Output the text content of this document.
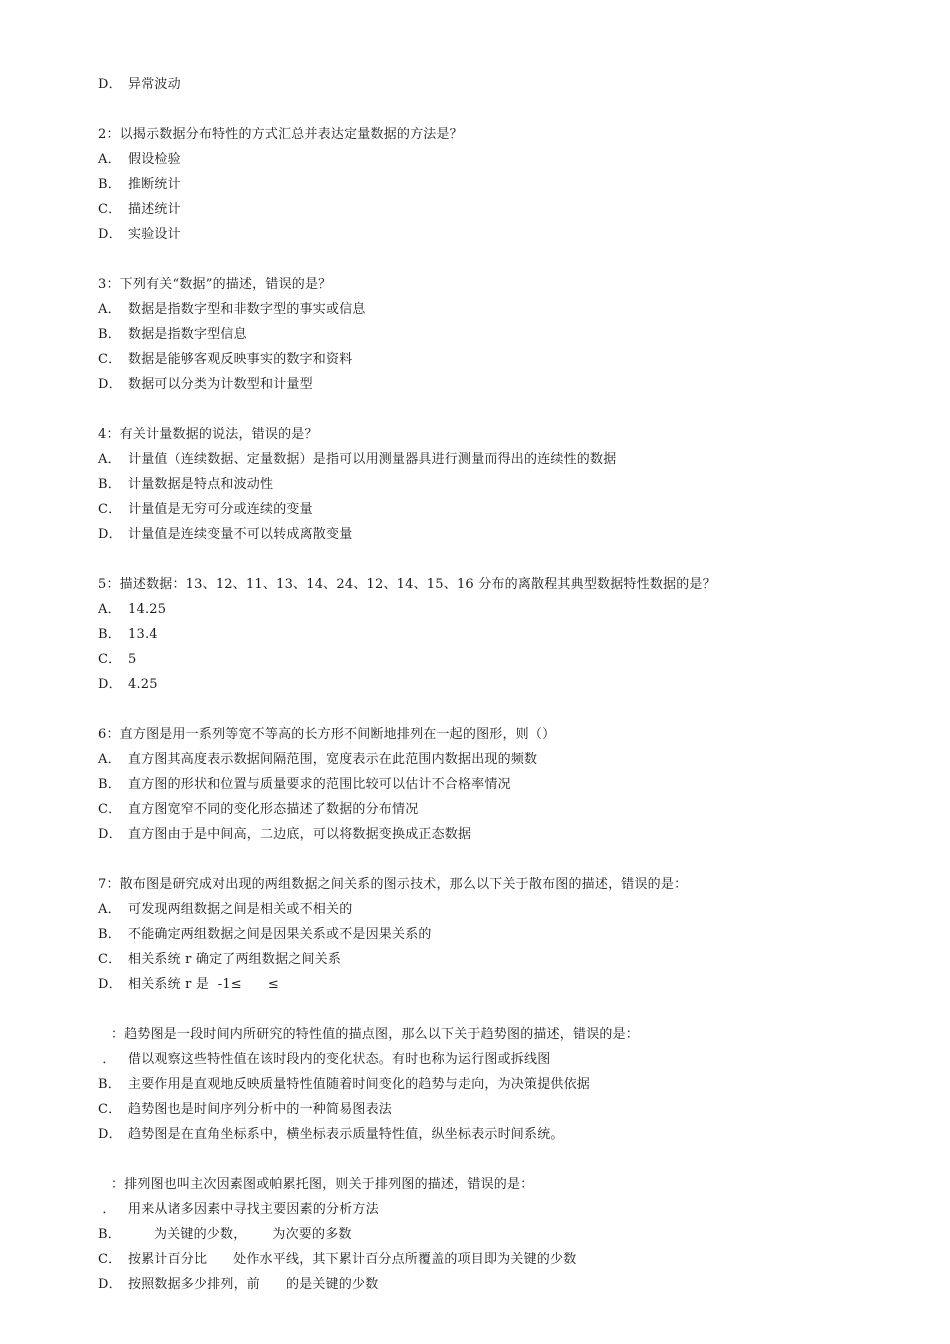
D． 异常波动
2：以揭示数据分布特性的方式汇总并表达定量数据的方法是？
A． 假设检验
B． 推断统计
C． 描述统计
D． 实验设计
3：下列有关“数据”的描述，错误的是？
A． 数据是指数字型和非数字型的事实或信息
B． 数据是指数字型信息
C． 数据是能够客观反映事实的数字和资料
D． 数据可以分类为计数型和计量型
4：有关计量数据的说法，错误的是？
A． 计量值（连续数据、定量数据）是指可以用测量器具进行测量而得出的连续性的数据
B． 计量数据是特点和波动性
C． 计量值是无穷可分或连续的变量
D． 计量值是连续变量不可以转成离散变量
5：描述数据：13、12、11、13、14、24、12、14、15、16 分布的离散程其典型数据特性数据的是？
A． 14.25
B． 13.4
C． 5
D． 4.25
6：直方图是用一系列等宽不等高的长方形不间断地排列在一起的图形，则（）
A． 直方图其高度表示数据间隔范围，宽度表示在此范围内数据出现的频数
B． 直方图的形状和位置与质量要求的范围比较可以估计不合格率情况
C． 直方图宽窄不同的变化形态描述了数据的分布情况
D． 直方图由于是中间高，二边底，可以将数据变换成正态数据
7：散布图是研究成对出现的两组数据之间关系的图示技术，那么以下关于散布图的描述，错误的是：
A． 可发现两组数据之间是相关或不相关的
B． 不能确定两组数据之间是因果关系或不是因果关系的
C． 相关系统 r 确定了两组数据之间关系
D． 相关系统 r 是  -1≤      ≤
：趋势图是一段时间内所研究的特性值的描点图，那么以下关于趋势图的描述，错误的是：
． 借以观察这些特性值在该时段内的变化状态。有时也称为运行图或拆线图
B． 主要作用是直观地反映质量特性值随着时间变化的趋势与走向，为决策提供依据
C． 趋势图也是时间序列分析中的一种简易图表法
D． 趋势图是在直角坐标系中，横坐标表示质量特性值，纵坐标表示时间系统。
：排列图也叫主次因素图或帕累托图，则关于排列图的描述，错误的是：
． 用来从诸多因素中寻找主要因素的分析方法
B．      为关键的少数，      为次要的多数
C． 按累计百分比      处作水平线，其下累计百分点所覆盖的项目即为关键的少数
D． 按照数据多少排列，前      的是关键的少数
